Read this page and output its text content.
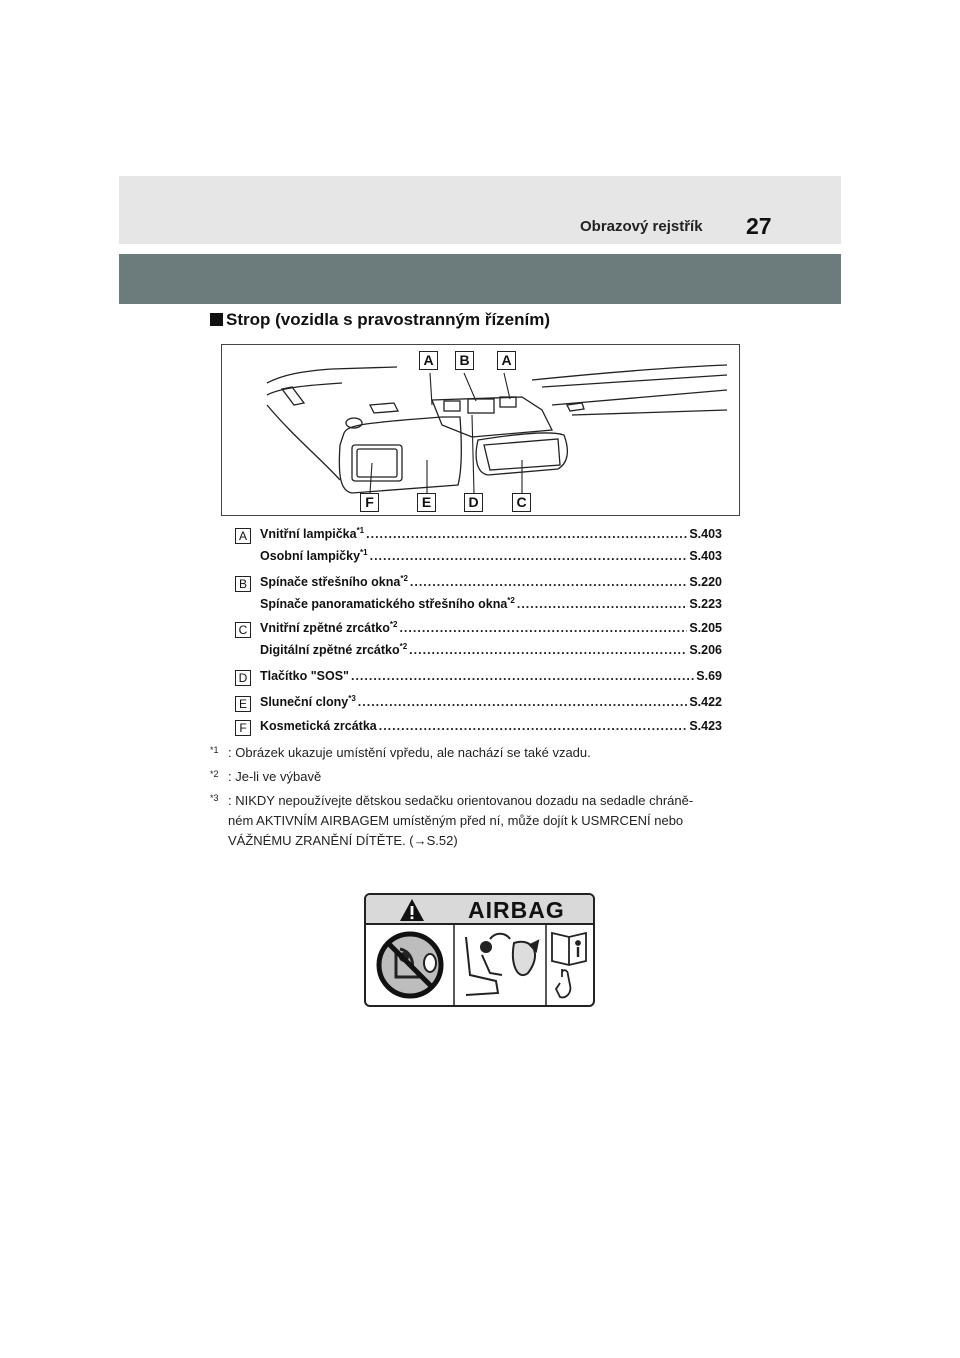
Obrazový rejstřík 27
Strop (vozidla s pravostranným řízením)
A	B	A
F	E	D	C
A	Vnitřní lampička$^{*1}$ .....	S.403
Osobní lampičky$^{*1}$ .....	S.403
B	Spínače střešního okna$^{*2}$ .....	S.220
Spínače panoramatického střešního okna$^{*2}$ .....	S.223
C Vnitřní zpětné zrcátko$^{*2}$ .....	S.205
Digitální zpětné zrcátko$^{*2}$ .....	S.206
D Tlačítko "SOS" .....	S.69
E	Sluneční clony$^{*3}$ .....	S.422
F	Kosmetická zrcátka .....	S.423
*1 : Obrázek ukazuje umístění vpředu, ale nachází se také vzadu.
*2 : Je-li ve výbavě
*3 : NIKDY nepoužívejte dětskou sedačku orientovanou dozadu na sedadle chráně-
ném AKTIVNÍM AIRBAGEM umístěným před ní, může dojít k USMRCENÍ nebo
VÁŽNÉMU ZRANĚNÍ DÍTĚTE. (→S.52)
AIRBAG
